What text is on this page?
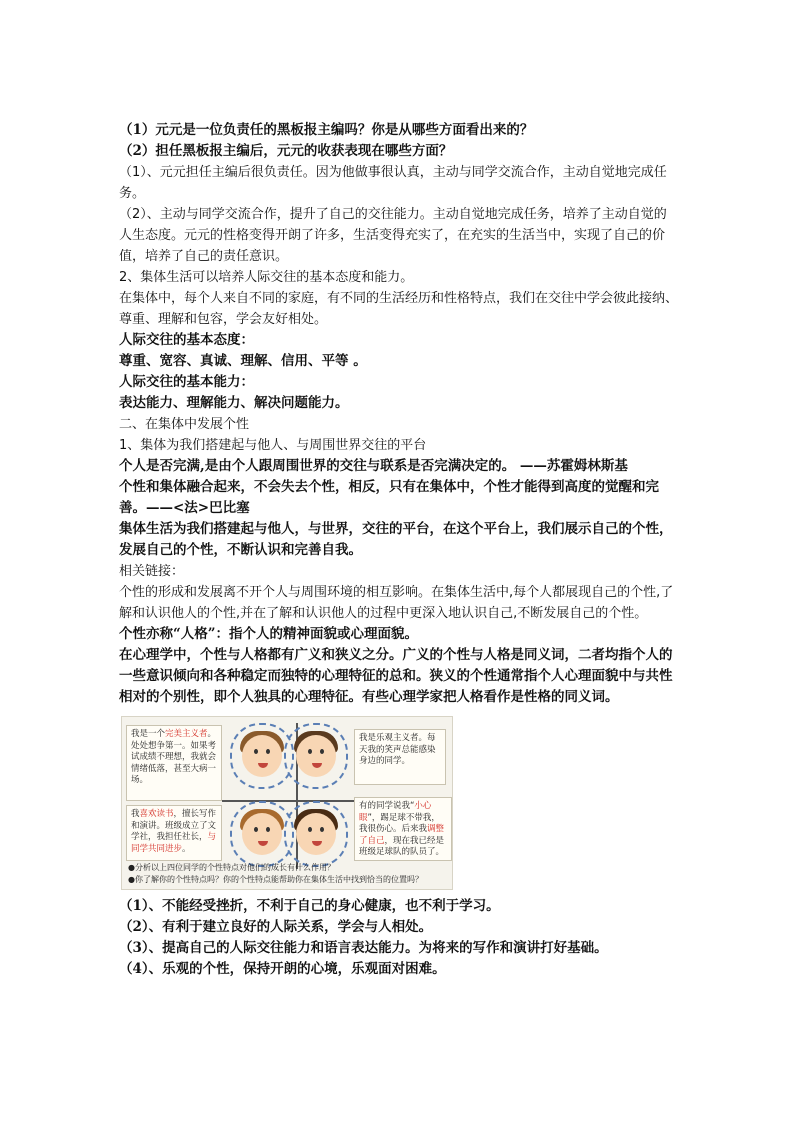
（1）元元是一位负责任的黑板报主编吗？你是从哪些方面看出来的？

（2）担任黑板报主编后，元元的收获表现在哪些方面？

（1）、元元担任主编后很负责任。因为他做事很认真，主动与同学交流合作，主动自觉地完成任务。

（2）、主动与同学交流合作，提升了自己的交往能力。主动自觉地完成任务，培养了主动自觉的人生态度。元元的性格变得开朗了许多，生活变得充实了，在充实的生活当中，实现了自己的价值，培养了自己的责任意识。

2、集体生活可以培养人际交往的基本态度和能力。

在集体中，每个人来自不同的家庭，有不同的生活经历和性格特点，我们在交往中学会彼此接纳、尊重、理解和包容，学会友好相处。

人际交往的基本态度：

尊重、宽容、真诚、理解、信用、平等 。

人际交往的基本能力：

表达能力、理解能力、解决问题能力。

二、在集体中发展个性

1、集体为我们搭建起与他人、与周围世界交往的平台

个人是否完满,是由个人跟周围世界的交往与联系是否完满决定的。 ——苏霍姆林斯基

个性和集体融合起来，不会失去个性，相反，只有在集体中，个性才能得到高度的觉醒和完善。——<法>巴比塞

集体生活为我们搭建起与他人，与世界，交往的平台，在这个平台上，我们展示自己的个性，发展自己的个性，不断认识和完善自我。

相关链接：

个性的形成和发展离不开个人与周围环境的相互影响。在集体生活中,每个人都展现自己的个性,了解和认识他人的个性,并在了解和认识他人的过程中更深入地认识自己,不断发展自己的个性。

个性亦称“人格”：指个人的精神面貌或心理面貌。

在心理学中，个性与人格都有广义和狭义之分。广义的个性与人格是同义词，二者均指个人的一些意识倾向和各种稳定而独特的心理特征的总和。狭义的个性通常指个人心理面貌中与共性相对的个别性，即个人独具的心理特征。有些心理学家把人格看作是性格的同义词。

我是一个完美主义者。处处想争第一。如果考试成绩不理想，我就会情绪低落，甚至大病一场。
我是乐观主义者。每天我的笑声总能感染身边的同学。
我喜欢读书，擅长写作和演讲。班级成立了文学社，我担任社长，与同学共同进步。
有的同学说我“小心眼”，踢足球不带我，我很伤心。后来我调整了自己，现在我已经是班级足球队的队员了。
●分析以上四位同学的个性特点对他们的成长有什么作用？
●你了解你的个性特点吗？你的个性特点能帮助你在集体生活中找到恰当的位置吗？

（1）、不能经受挫折，不利于自己的身心健康，也不利于学习。

（2）、有利于建立良好的人际关系，学会与人相处。

（3）、提高自己的人际交往能力和语言表达能力。为将来的写作和演讲打好基础。

（4）、乐观的个性，保持开朗的心境，乐观面对困难。
